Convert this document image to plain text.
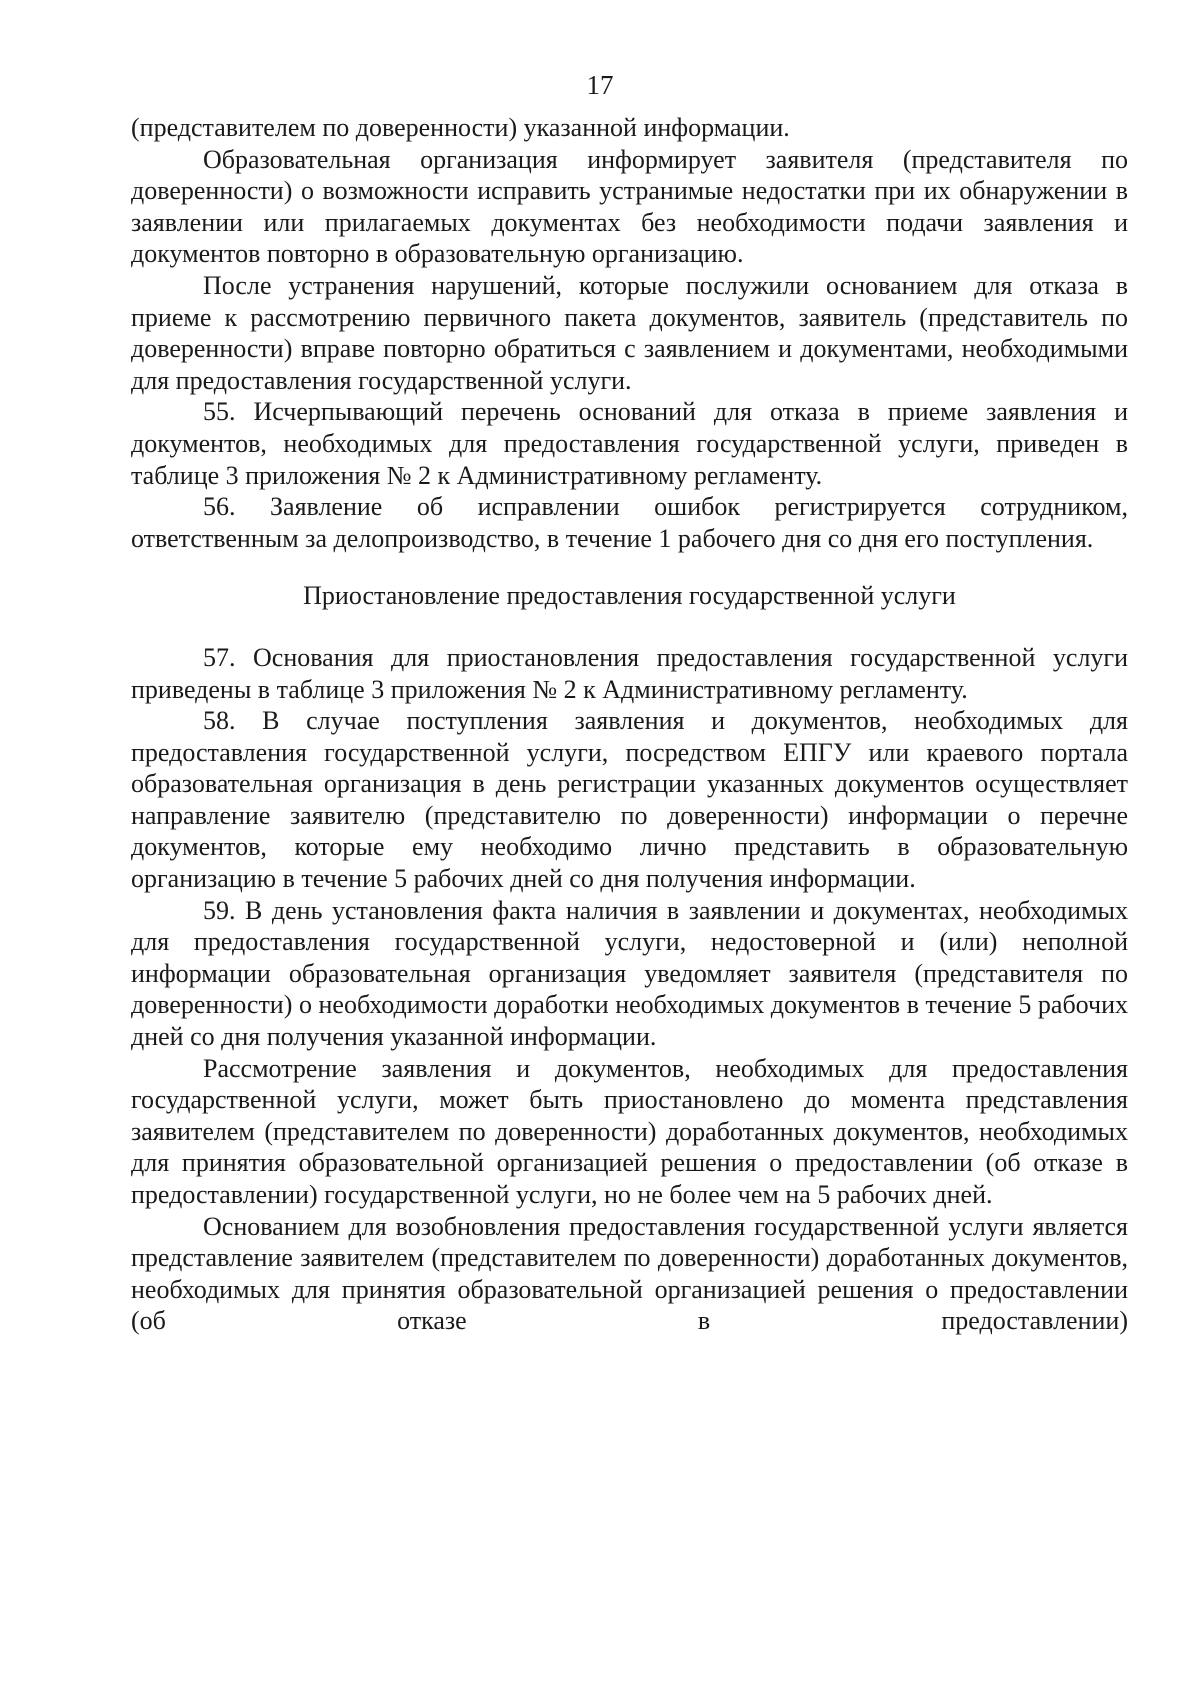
17

(представителем по доверенности) указанной информации.

Образовательная организация информирует заявителя (представителя по доверенности) о возможности исправить устранимые недостатки при их обнаружении в заявлении или прилагаемых документах без необходимости подачи заявления и документов повторно в образовательную организацию.

После устранения нарушений, которые послужили основанием для отказа в приеме к рассмотрению первичного пакета документов, заявитель (представитель по доверенности) вправе повторно обратиться с заявлением и документами, необходимыми для предоставления государственной услуги.

55. Исчерпывающий перечень оснований для отказа в приеме заявления и документов, необходимых для предоставления государственной услуги, приведен в таблице 3 приложения № 2 к Административному регламенту.

56. Заявление об исправлении ошибок регистрируется сотрудником, ответственным за делопроизводство, в течение 1 рабочего дня со дня его поступления.

Приостановление предоставления государственной услуги

57. Основания для приостановления предоставления государственной услуги приведены в таблице 3 приложения № 2 к Административному регламенту.

58. В случае поступления заявления и документов, необходимых для предоставления государственной услуги, посредством ЕПГУ или краевого портала образовательная организация в день регистрации указанных документов осуществляет направление заявителю (представителю по доверенности) информации о перечне документов, которые ему необходимо лично представить в образовательную организацию в течение 5 рабочих дней со дня получения информации.

59. В день установления факта наличия в заявлении и документах, необходимых для предоставления государственной услуги, недостоверной и (или) неполной информации образовательная организация уведомляет заявителя (представителя по доверенности) о необходимости доработки необходимых документов в течение 5 рабочих дней со дня получения указанной информации.

Рассмотрение заявления и документов, необходимых для предоставления государственной услуги, может быть приостановлено до момента представления заявителем (представителем по доверенности) доработанных документов, необходимых для принятия образовательной организацией решения о предоставлении (об отказе в предоставлении) государственной услуги, но не более чем на 5 рабочих дней.

Основанием для возобновления предоставления государственной услуги является представление заявителем (представителем по доверенности) доработанных документов, необходимых для принятия образовательной организацией решения о предоставлении (об отказе в предоставлении)
